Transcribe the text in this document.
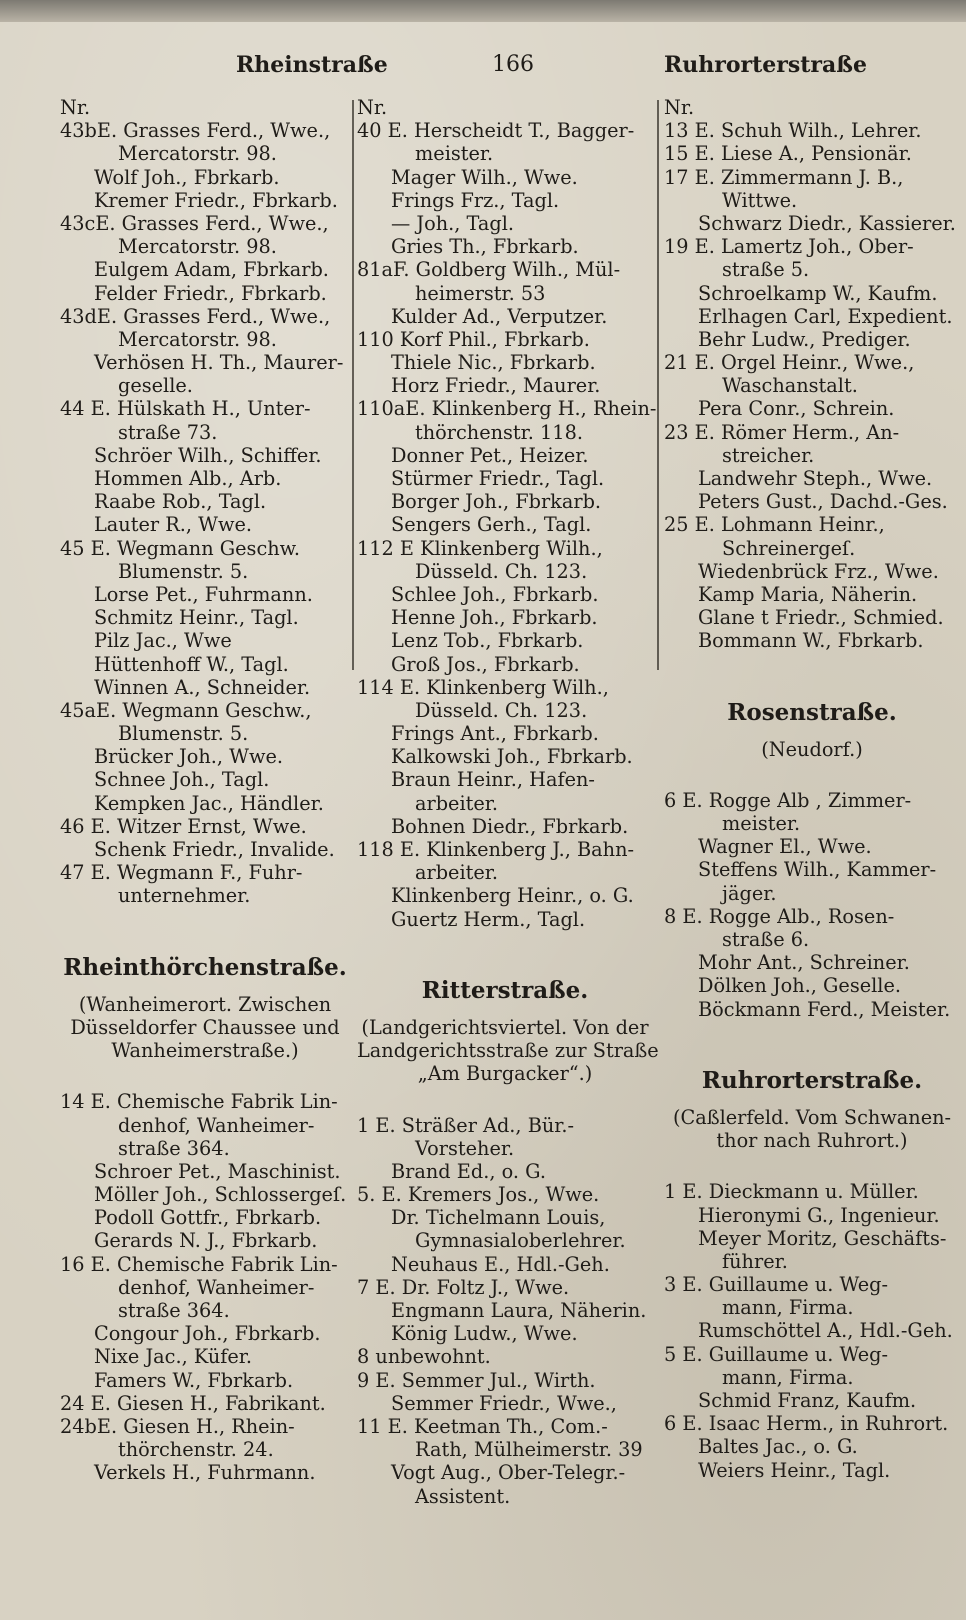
Rheinstraße	166	Ruhrorterstraße
Nr.
43bE. Grasses Ferd., Wwe.,
Mercatorstr. 98.
Wolf Joh., Fbrkarb.
Kremer Friedr., Fbrkarb.
43cE. Grasses Ferd., Wwe.,
Mercatorstr. 98.
Eulgem Adam, Fbrkarb.
Felder Friedr., Fbrkarb.
43dE. Grasses Ferd., Wwe.,
Mercatorstr. 98.
Verhösen H. Th., Maurer-
geselle.
44 E. Hülskath H., Unter-
straße 73.
Schröer Wilh., Schiffer.
Hommen Alb., Arb.
Raabe Rob., Tagl.
Lauter R., Wwe.
45 E. Wegmann Geschw.
Blumenstr. 5.
Lorse Pet., Fuhrmann.
Schmitz Heinr., Tagl.
Pilz Jac., Wwe
Hüttenhoff W., Tagl.
Winnen A., Schneider.
45aE. Wegmann Geschw.,
Blumenstr. 5.
Brücker Joh., Wwe.
Schnee Joh., Tagl.
Kempken Jac., Händler.
46 E. Witzer Ernst, Wwe.
Schenk Friedr., Invalide.
47 E. Wegmann F., Fuhr-
unternehmer.
Rheinthörchenstraße.
(Wanheimerort. Zwischen
Düsseldorfer Chaussee und
Wanheimerstraße.)
14 E. Chemische Fabrik Lin-
denhof, Wanheimer-
straße 364.
Schroer Pet., Maschinist.
Möller Joh., Schlossergeſ.
Podoll Gottfr., Fbrkarb.
Gerards N. J., Fbrkarb.
16 E. Chemische Fabrik Lin-
denhof, Wanheimer-
straße 364.
Congour Joh., Fbrkarb.
Nixe Jac., Küfer.
Famers W., Fbrkarb.
24 E. Giesen H., Fabrikant.
24bE. Giesen H., Rhein-
thörchenstr. 24.
Verkels H., Fuhrmann.
Nr.
40 E. Herscheidt T., Bagger-
meister.
Mager Wilh., Wwe.
Frings Frz., Tagl.
— Joh., Tagl.
Gries Th., Fbrkarb.
81aF. Goldberg Wilh., Mül-
heimerstr. 53
Kulder Ad., Verputzer.
110 Korf Phil., Fbrkarb.
Thiele Nic., Fbrkarb.
Horz Friedr., Maurer.
110aE. Klinkenberg H., Rhein-
thörchenstr. 118.
Donner Pet., Heizer.
Stürmer Friedr., Tagl.
Borger Joh., Fbrkarb.
Sengers Gerh., Tagl.
112 E Klinkenberg Wilh.,
Düsseld. Ch. 123.
Schlee Joh., Fbrkarb.
Henne Joh., Fbrkarb.
Lenz Tob., Fbrkarb.
Groß Jos., Fbrkarb.
114 E. Klinkenberg Wilh.,
Düsseld. Ch. 123.
Frings Ant., Fbrkarb.
Kalkowski Joh., Fbrkarb.
Braun Heinr., Hafen-
arbeiter.
Bohnen Diedr., Fbrkarb.
118 E. Klinkenberg J., Bahn-
arbeiter.
Klinkenberg Heinr., o. G.
Guertz Herm., Tagl.
Ritterstraße.
(Landgerichtsviertel. Von der
Landgerichtsstraße zur Straße
„Am Burgacker“.)
1 E. Sträßer Ad., Bür.-
Vorsteher.
Brand Ed., o. G.
5. E. Kremers Jos., Wwe.
Dr. Tichelmann Louis,
Gymnasialoberlehrer.
Neuhaus E., Hdl.-Geh.
7 E. Dr. Foltz J., Wwe.
Engmann Laura, Näherin.
König Ludw., Wwe.
8 unbewohnt.
9 E. Semmer Jul., Wirth.
Semmer Friedr., Wwe.,
11 E. Keetman Th., Com.-
Rath, Mülheimerstr. 39
Vogt Aug., Ober-Telegr.-
Assistent.
Nr.
13 E. Schuh Wilh., Lehrer.
15 E. Liese A., Pensionär.
17 E. Zimmermann J. B.,
Wittwe.
Schwarz Diedr., Kassierer.
19 E. Lamertz Joh., Ober-
straße 5.
Schroelkamp W., Kaufm.
Erlhagen Carl, Expedient.
Behr Ludw., Prediger.
21 E. Orgel Heinr., Wwe.,
Waschanstalt.
Pera Conr., Schrein.
23 E. Römer Herm., An-
streicher.
Landwehr Steph., Wwe.
Peters Gust., Dachd.-Ges.
25 E. Lohmann Heinr.,
Schreinergeſ.
Wiedenbrück Frz., Wwe.
Kamp Maria, Näherin.
Glane t Friedr., Schmied.
Bommann W., Fbrkarb.
Rosenstraße.
(Neudorf.)
6 E. Rogge Alb , Zimmer-
meister.
Wagner El., Wwe.
Steffens Wilh., Kammer-
jäger.
8 E. Rogge Alb., Rosen-
straße 6.
Mohr Ant., Schreiner.
Dölken Joh., Geselle.
Böckmann Ferd., Meister.
Ruhrorterstraße.
(Caßlerfeld. Vom Schwanen-
thor nach Ruhrort.)
1 E. Dieckmann u. Müller.
Hieronymi G., Ingenieur.
Meyer Moritz, Geschäfts-
führer.
3 E. Guillaume u. Weg-
mann, Firma.
Rumschöttel A., Hdl.-Geh.
5 E. Guillaume u. Weg-
mann, Firma.
Schmid Franz, Kaufm.
6 E. Isaac Herm., in Ruhrort.
Baltes Jac., o. G.
Weiers Heinr., Tagl.
